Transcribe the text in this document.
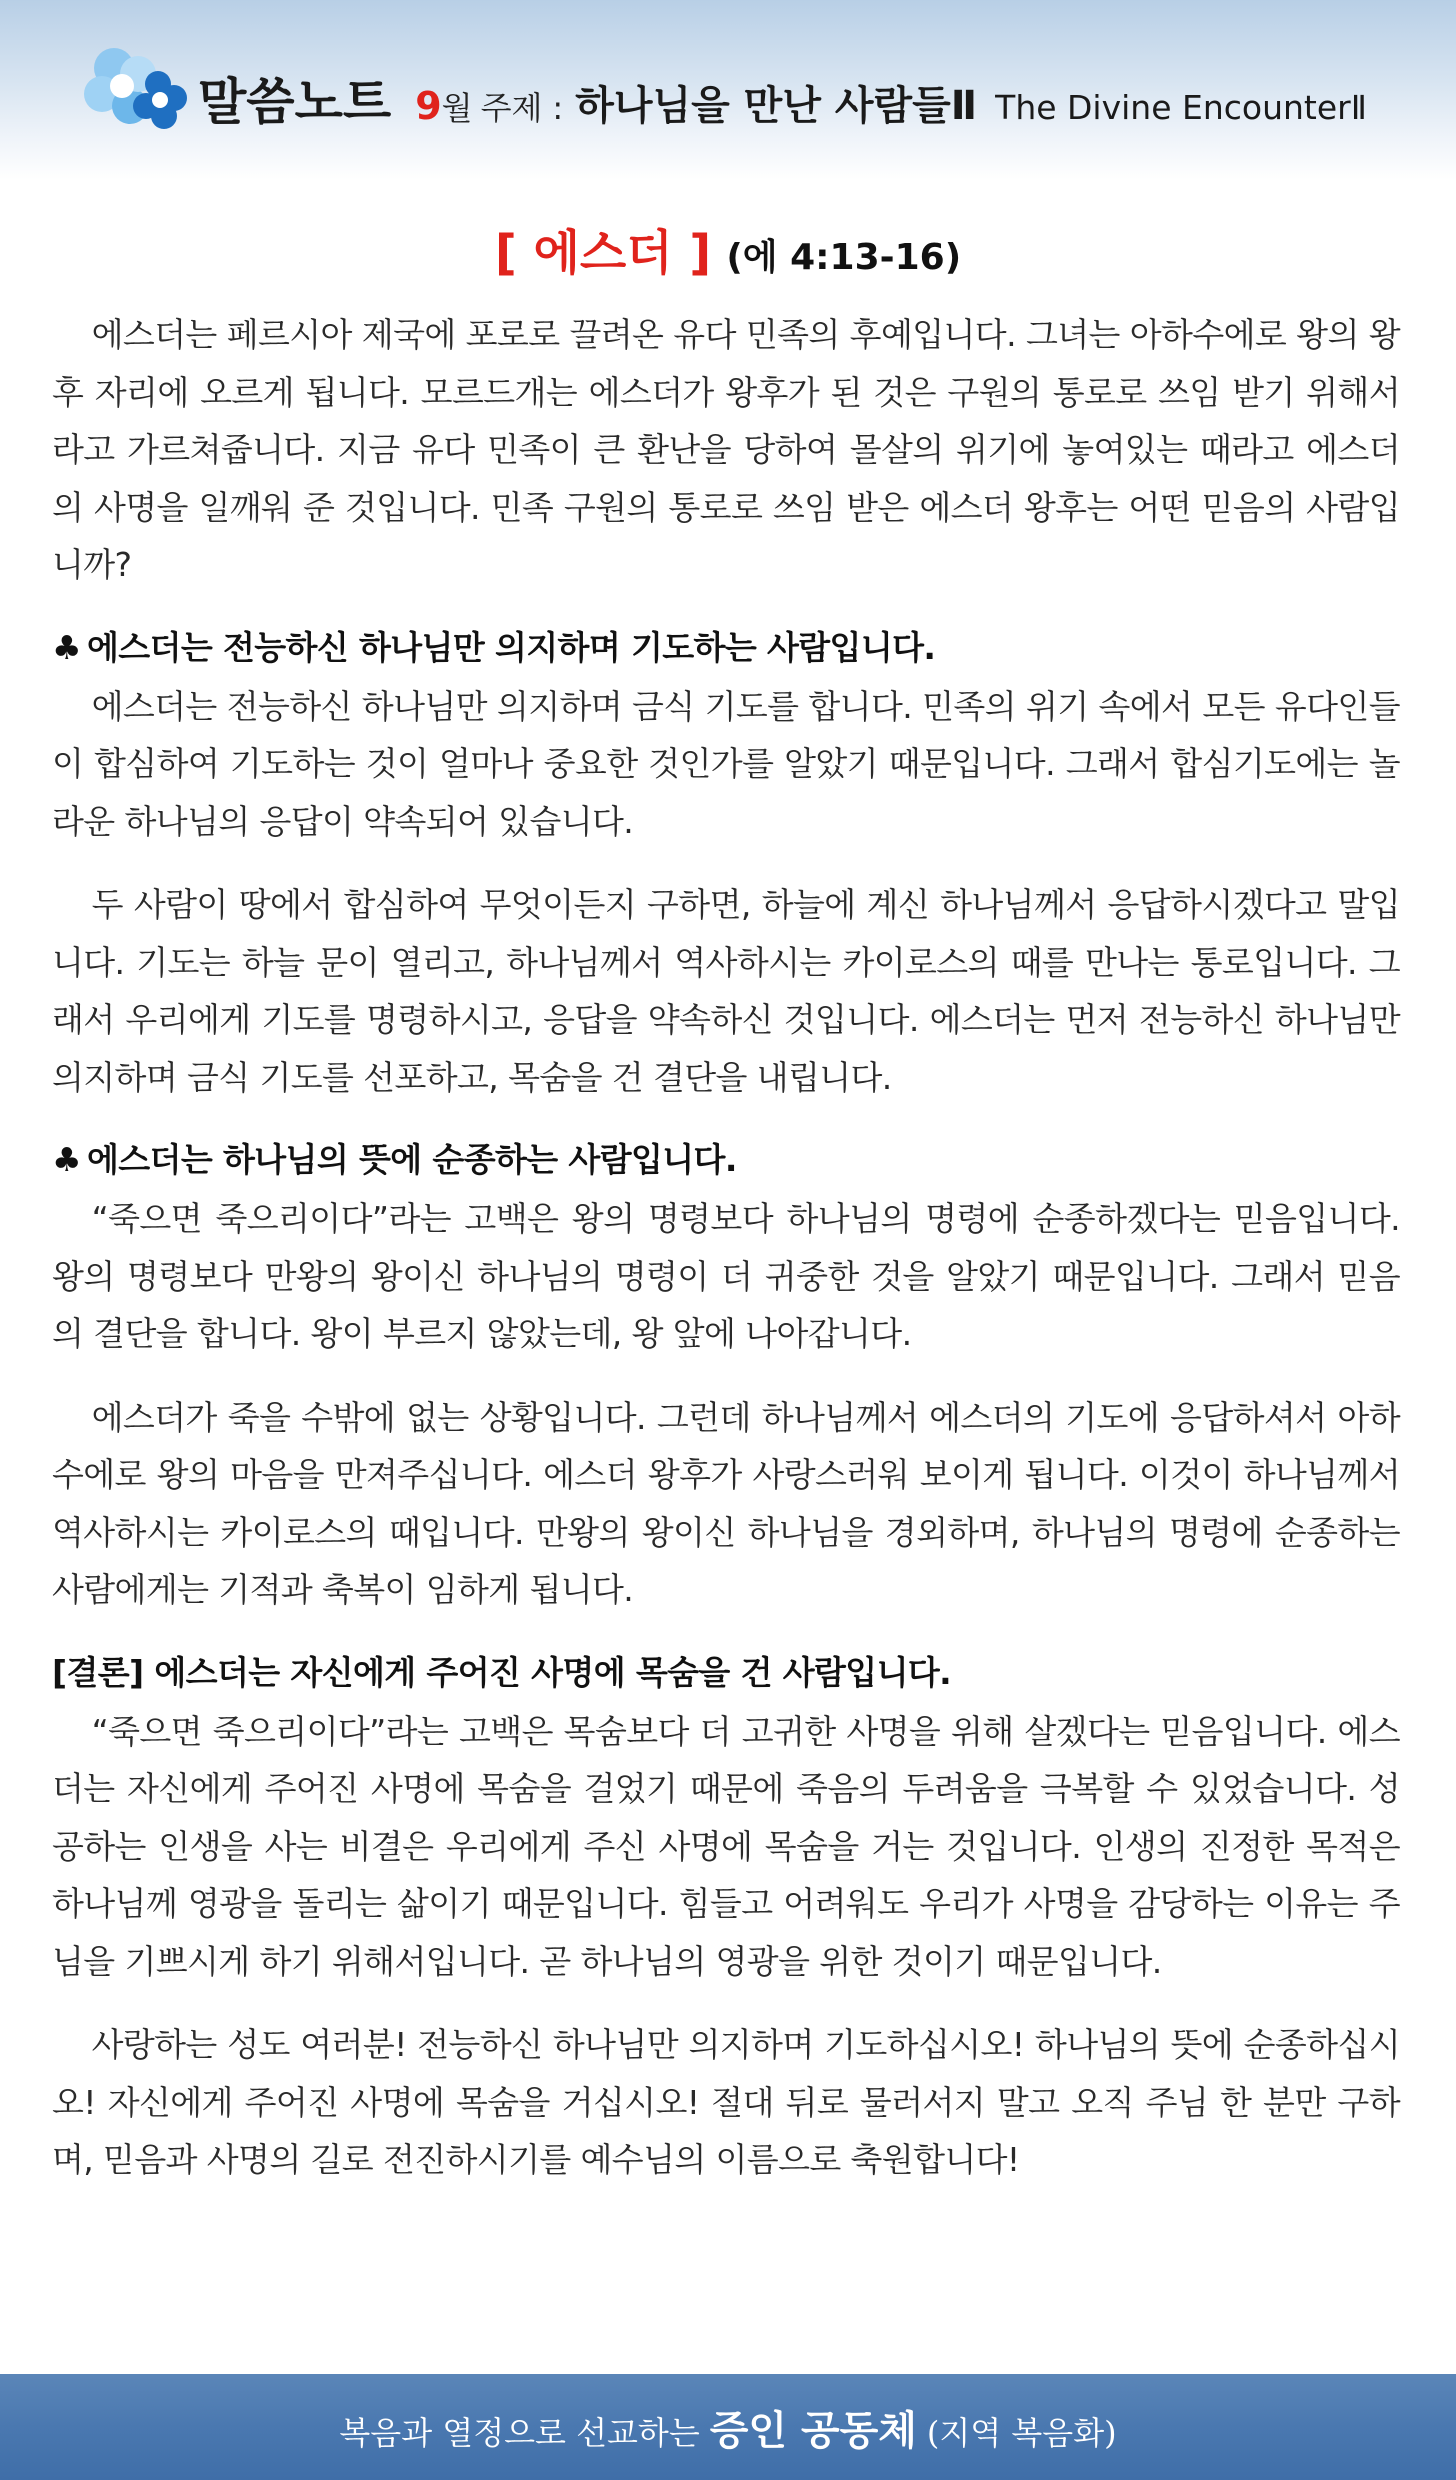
말씀노트 9 월 주제 : 하나님을 만난 사람들Ⅱ The Divine EncounterⅡ
[ 에스더 ] (에 4:13-16)

에스더는 페르시아 제국에 포로로 끌려온 유다 민족의 후예입니다. 그녀는 아하수에로 왕의 왕후 자리에 오르게 됩니다. 모르드개는 에스더가 왕후가 된 것은 구원의 통로로 쓰임 받기 위해서라고 가르쳐줍니다. 지금 유다 민족이 큰 환난을 당하여 몰살의 위기에 놓여있는 때라고 에스더의 사명을 일깨워 준 것입니다. 민족 구원의 통로로 쓰임 받은 에스더 왕후는 어떤 믿음의 사람입니까?

♣ 에스더는 전능하신 하나님만 의지하며 기도하는 사람입니다.

에스더는 전능하신 하나님만 의지하며 금식 기도를 합니다. 민족의 위기 속에서 모든 유다인들이 합심하여 기도하는 것이 얼마나 중요한 것인가를 알았기 때문입니다. 그래서 합심기도에는 놀라운 하나님의 응답이 약속되어 있습니다.

두 사람이 땅에서 합심하여 무엇이든지 구하면, 하늘에 계신 하나님께서 응답하시겠다고 말입니다. 기도는 하늘 문이 열리고, 하나님께서 역사하시는 카이로스의 때를 만나는 통로입니다. 그래서 우리에게 기도를 명령하시고, 응답을 약속하신 것입니다. 에스더는 먼저 전능하신 하나님만 의지하며 금식 기도를 선포하고, 목숨을 건 결단을 내립니다.

♣ 에스더는 하나님의 뜻에 순종하는 사람입니다.

“죽으면 죽으리이다”라는 고백은 왕의 명령보다 하나님의 명령에 순종하겠다는 믿음입니다. 왕의 명령보다 만왕의 왕이신 하나님의 명령이 더 귀중한 것을 알았기 때문입니다. 그래서 믿음의 결단을 합니다. 왕이 부르지 않았는데, 왕 앞에 나아갑니다.

에스더가 죽을 수밖에 없는 상황입니다. 그런데 하나님께서 에스더의 기도에 응답하셔서 아하수에로 왕의 마음을 만져주십니다. 에스더 왕후가 사랑스러워 보이게 됩니다. 이것이 하나님께서 역사하시는 카이로스의 때입니다. 만왕의 왕이신 하나님을 경외하며, 하나님의 명령에 순종하는 사람에게는 기적과 축복이 임하게 됩니다.

[결론] 에스더는 자신에게 주어진 사명에 목숨을 건 사람입니다.

“죽으면 죽으리이다”라는 고백은 목숨보다 더 고귀한 사명을 위해 살겠다는 믿음입니다. 에스더는 자신에게 주어진 사명에 목숨을 걸었기 때문에 죽음의 두려움을 극복할 수 있었습니다. 성공하는 인생을 사는 비결은 우리에게 주신 사명에 목숨을 거는 것입니다. 인생의 진정한 목적은 하나님께 영광을 돌리는 삶이기 때문입니다. 힘들고 어려워도 우리가 사명을 감당하는 이유는 주님을 기쁘시게 하기 위해서입니다. 곧 하나님의 영광을 위한 것이기 때문입니다.

사랑하는 성도 여러분! 전능하신 하나님만 의지하며 기도하십시오! 하나님의 뜻에 순종하십시오! 자신에게 주어진 사명에 목숨을 거십시오! 절대 뒤로 물러서지 말고 오직 주님 한 분만 구하며, 믿음과 사명의 길로 전진하시기를 예수님의 이름으로 축원합니다!

복음과 열정으로 선교하는 증인 공동체 (지역 복음화)
